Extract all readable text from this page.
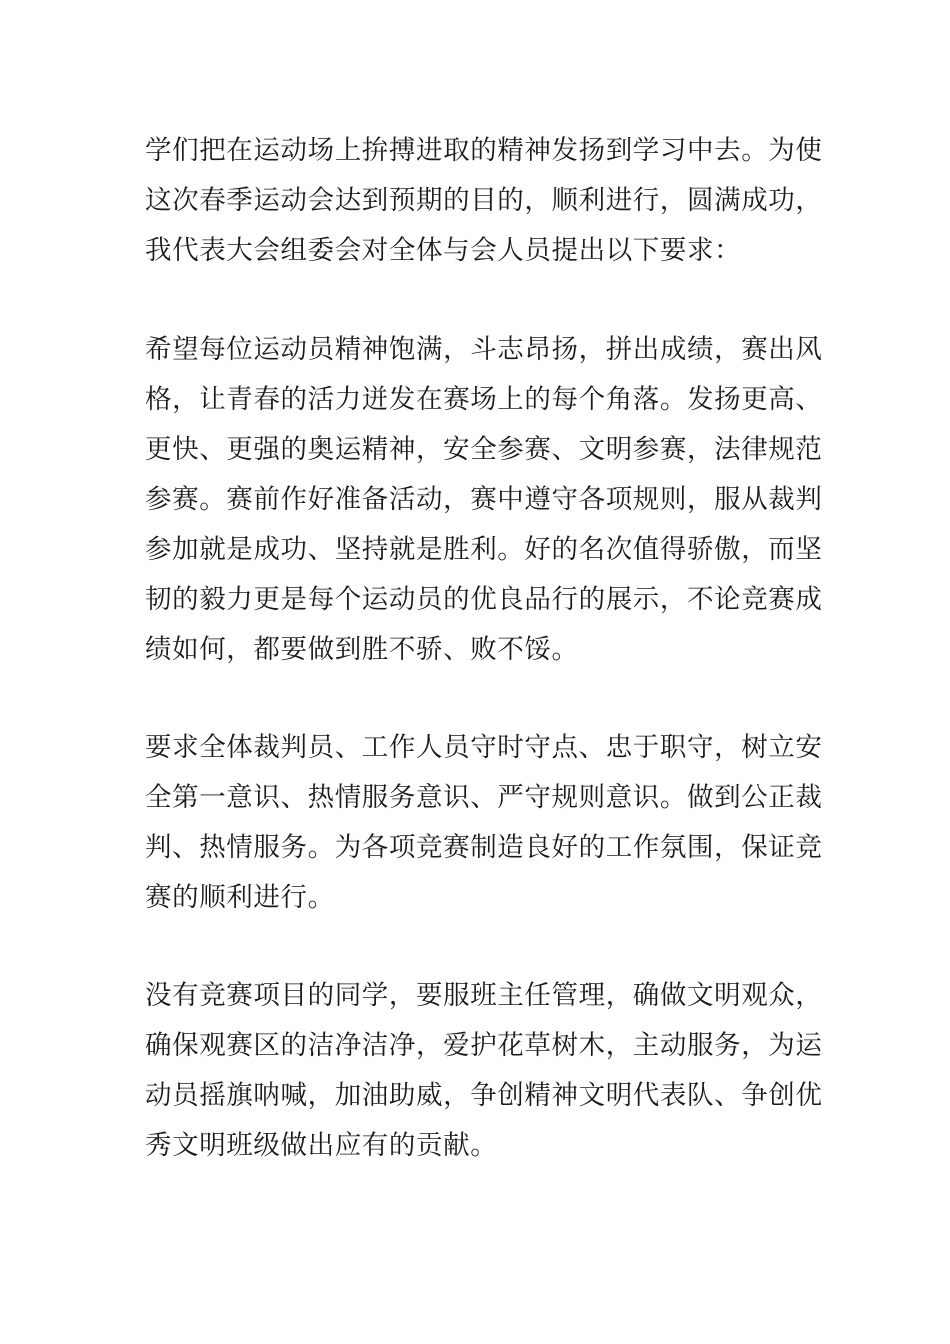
学们把在运动场上拚搏进取的精神发扬到学习中去。为使
这次春季运动会达到预期的目的，顺利进行，圆满成功，
我代表大会组委会对全体与会人员提出以下要求：
希望每位运动员精神饱满，斗志昂扬，拼出成绩，赛出风
格，让青春的活力迸发在赛场上的每个角落。发扬更高、
更快、更强的奥运精神，安全参赛、文明参赛，法律规范
参赛。赛前作好准备活动，赛中遵守各项规则，服从裁判
参加就是成功、坚持就是胜利。好的名次值得骄傲，而坚
韧的毅力更是每个运动员的优良品行的展示，不论竞赛成
绩如何，都要做到胜不骄、败不馁。
要求全体裁判员、工作人员守时守点、忠于职守，树立安
全第一意识、热情服务意识、严守规则意识。做到公正裁
判、热情服务。为各项竞赛制造良好的工作氛围，保证竞
赛的顺利进行。
没有竞赛项目的同学，要服班主任管理，确做文明观众，
确保观赛区的洁净洁净，爱护花草树木，主动服务，为运
动员摇旗呐喊，加油助威，争创精神文明代表队、争创优
秀文明班级做出应有的贡献。
